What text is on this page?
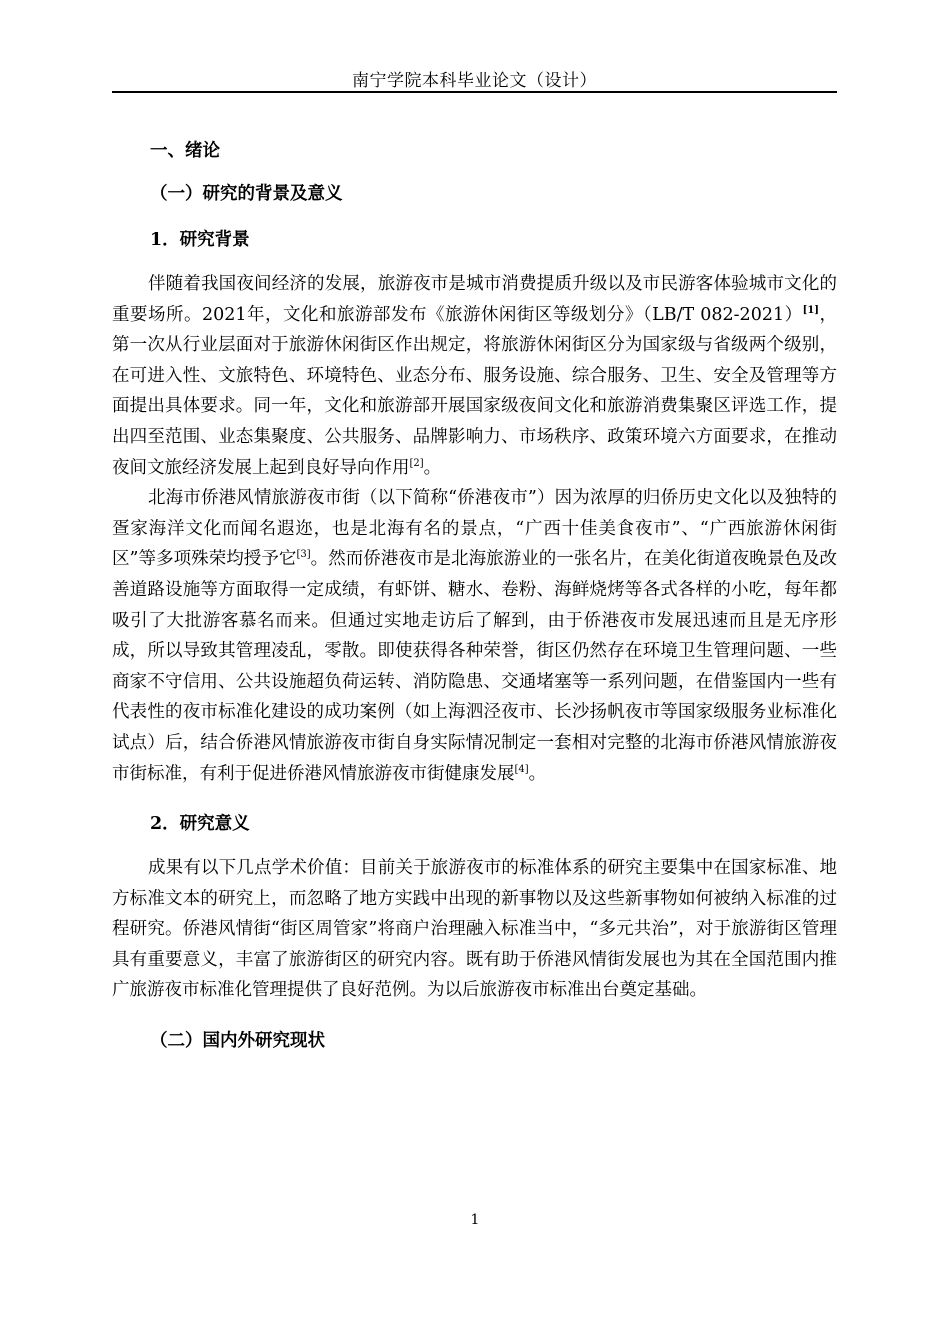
南宁学院本科毕业论文（设计）
一、绪论
（一）研究的背景及意义
1．研究背景

伴随着我国夜间经济的发展，旅游夜市是城市消费提质升级以及市民游客体验城市文化的重要场所。2021年，文化和旅游部发布《旅游休闲街区等级划分》（LB/T 082-2021）[1]，第一次从行业层面对于旅游休闲街区作出规定，将旅游休闲街区分为国家级与省级两个级别，在可进入性、文旅特色、环境特色、业态分布、服务设施、综合服务、卫生、安全及管理等方面提出具体要求。同一年，文化和旅游部开展国家级夜间文化和旅游消费集聚区评选工作，提出四至范围、业态集聚度、公共服务、品牌影响力、市场秩序、政策环境六方面要求，在推动夜间文旅经济发展上起到良好导向作用[2]。

北海市侨港风情旅游夜市街（以下简称“侨港夜市”）因为浓厚的归侨历史文化以及独特的疍家海洋文化而闻名遐迩，也是北海有名的景点，“广西十佳美食夜市”、“广西旅游休闲街区”等多项殊荣均授予它[3]。然而侨港夜市是北海旅游业的一张名片，在美化街道夜晚景色及改善道路设施等方面取得一定成绩，有虾饼、糖水、卷粉、海鲜烧烤等各式各样的小吃，每年都吸引了大批游客慕名而来。但通过实地走访后了解到，由于侨港夜市发展迅速而且是无序形成，所以导致其管理凌乱，零散。即使获得各种荣誉，街区仍然存在环境卫生管理问题、一些商家不守信用、公共设施超负荷运转、消防隐患、交通堵塞等一系列问题，在借鉴国内一些有代表性的夜市标准化建设的成功案例（如上海泗泾夜市、长沙扬帆夜市等国家级服务业标准化试点）后，结合侨港风情旅游夜市街自身实际情况制定一套相对完整的北海市侨港风情旅游夜市街标准，有利于促进侨港风情旅游夜市街健康发展[4]。

2．研究意义

成果有以下几点学术价值：目前关于旅游夜市的标准体系的研究主要集中在国家标准、地方标准文本的研究上，而忽略了地方实践中出现的新事物以及这些新事物如何被纳入标准的过程研究。侨港风情街“街区周管家”将商户治理融入标准当中，“多元共治”，对于旅游街区管理具有重要意义，丰富了旅游街区的研究内容。既有助于侨港风情街发展也为其在全国范围内推广旅游夜市标准化管理提供了良好范例。为以后旅游夜市标准出台奠定基础。

（二）国内外研究现状
1
